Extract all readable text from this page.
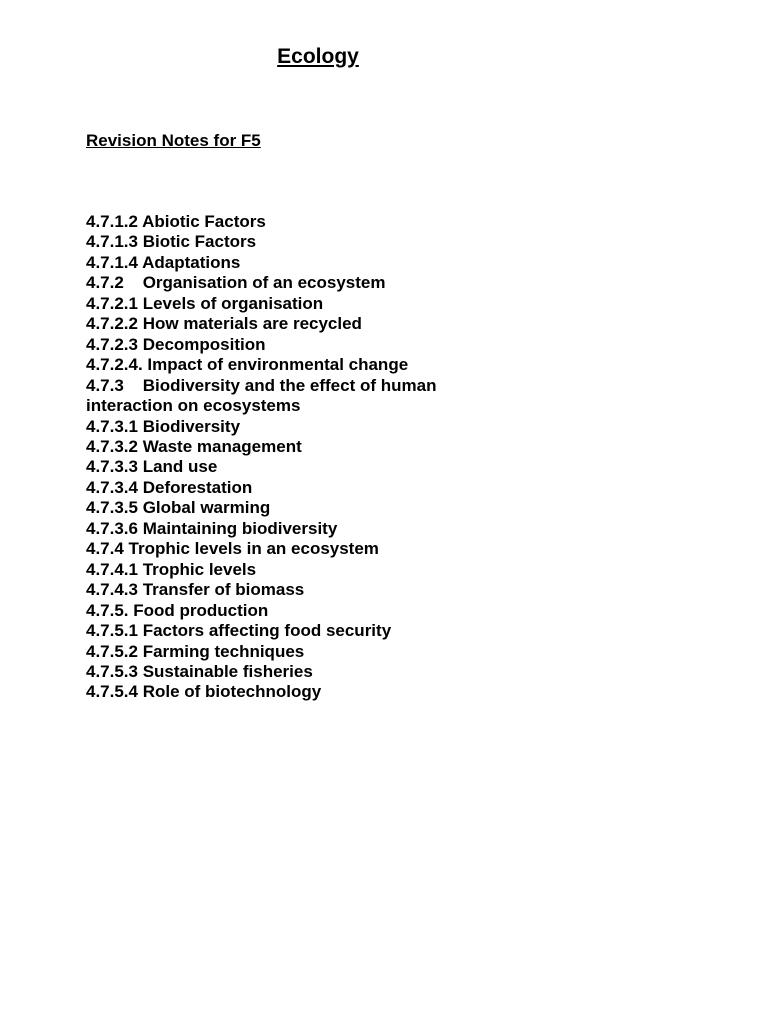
Ecology
Revision Notes for F5
4.7.1.2 Abiotic Factors
4.7.1.3 Biotic Factors
4.7.1.4 Adaptations
4.7.2    Organisation of an ecosystem
4.7.2.1 Levels of organisation
4.7.2.2 How materials are recycled
4.7.2.3 Decomposition
4.7.2.4. Impact of environmental change
4.7.3    Biodiversity and the effect of human interaction on ecosystems
4.7.3.1 Biodiversity
4.7.3.2 Waste management
4.7.3.3 Land use
4.7.3.4 Deforestation
4.7.3.5 Global warming
4.7.3.6 Maintaining biodiversity
4.7.4 Trophic levels in an ecosystem
4.7.4.1 Trophic levels
4.7.4.3 Transfer of biomass
4.7.5. Food production
4.7.5.1 Factors affecting food security
4.7.5.2 Farming techniques
4.7.5.3 Sustainable fisheries
4.7.5.4 Role of biotechnology
